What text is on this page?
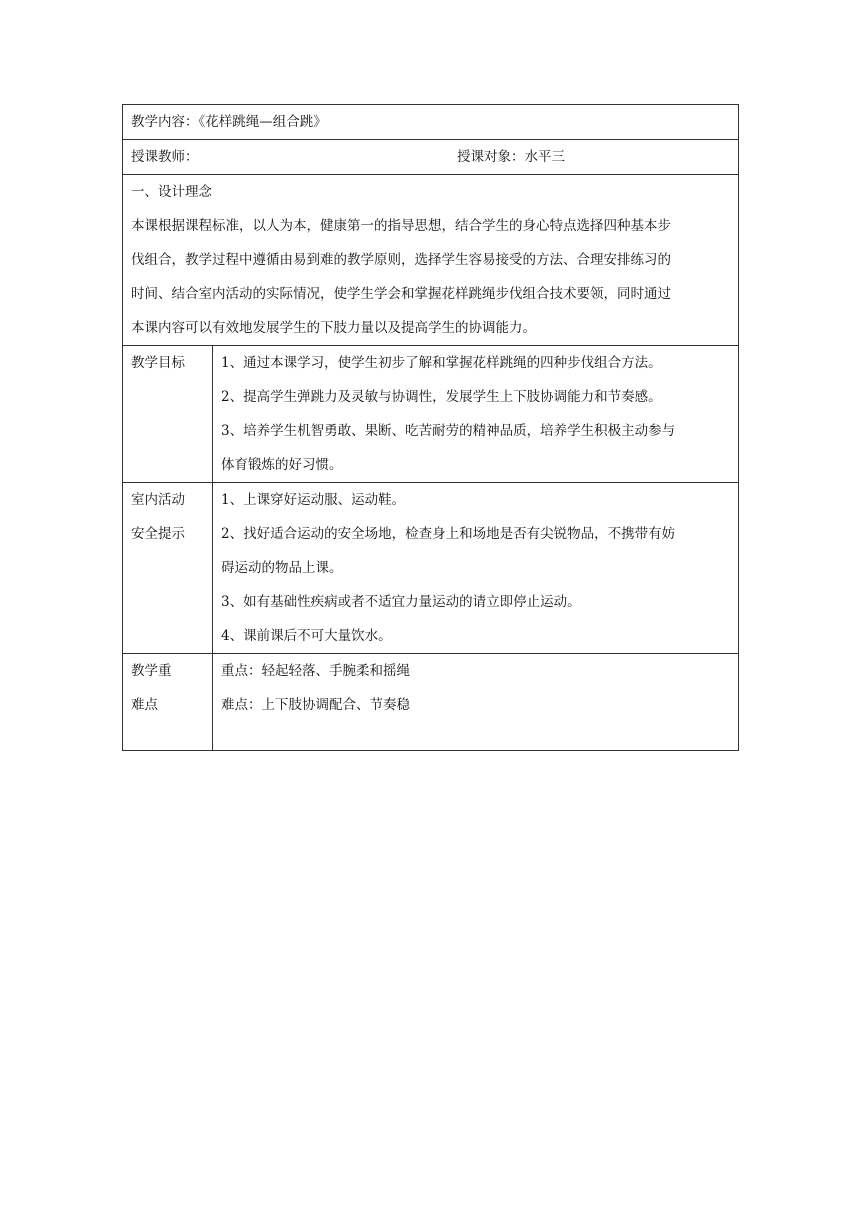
教学内容：《花样跳绳—组合跳》	

授课教师： 授课对象：水平三	

一、设计理念
本课根据课程标准，以人为本，健康第一的指导思想，结合学生的身心特点选择四种基本步
伐组合，教学过程中遵循由易到难的教学原则，选择学生容易接受的方法、合理安排练习的
时间、结合室内活动的实际情况，使学生学会和掌握花样跳绳步伐组合技术要领，同时通过
本课内容可以有效地发展学生的下肢力量以及提高学生的协调能力。	

教学目标	1、通过本课学习，使学生初步了解和掌握花样跳绳的四种步伐组合方法。
2、提高学生弹跳力及灵敏与协调性，发展学生上下肢协调能力和节奏感。
3、培养学生机智勇敢、果断、吃苦耐劳的精神品质，培养学生积极主动参与
体育锻炼的好习惯。

室内活动
安全提示	1、上课穿好运动服、运动鞋。
2、找好适合运动的安全场地，检查身上和场地是否有尖锐物品，不携带有妨
碍运动的物品上课。
3、如有基础性疾病或者不适宜力量运动的请立即停止运动。
4、课前课后不可大量饮水。

教学重
难点	重点：轻起轻落、手腕柔和摇绳
难点：上下肢协调配合、节奏稳
